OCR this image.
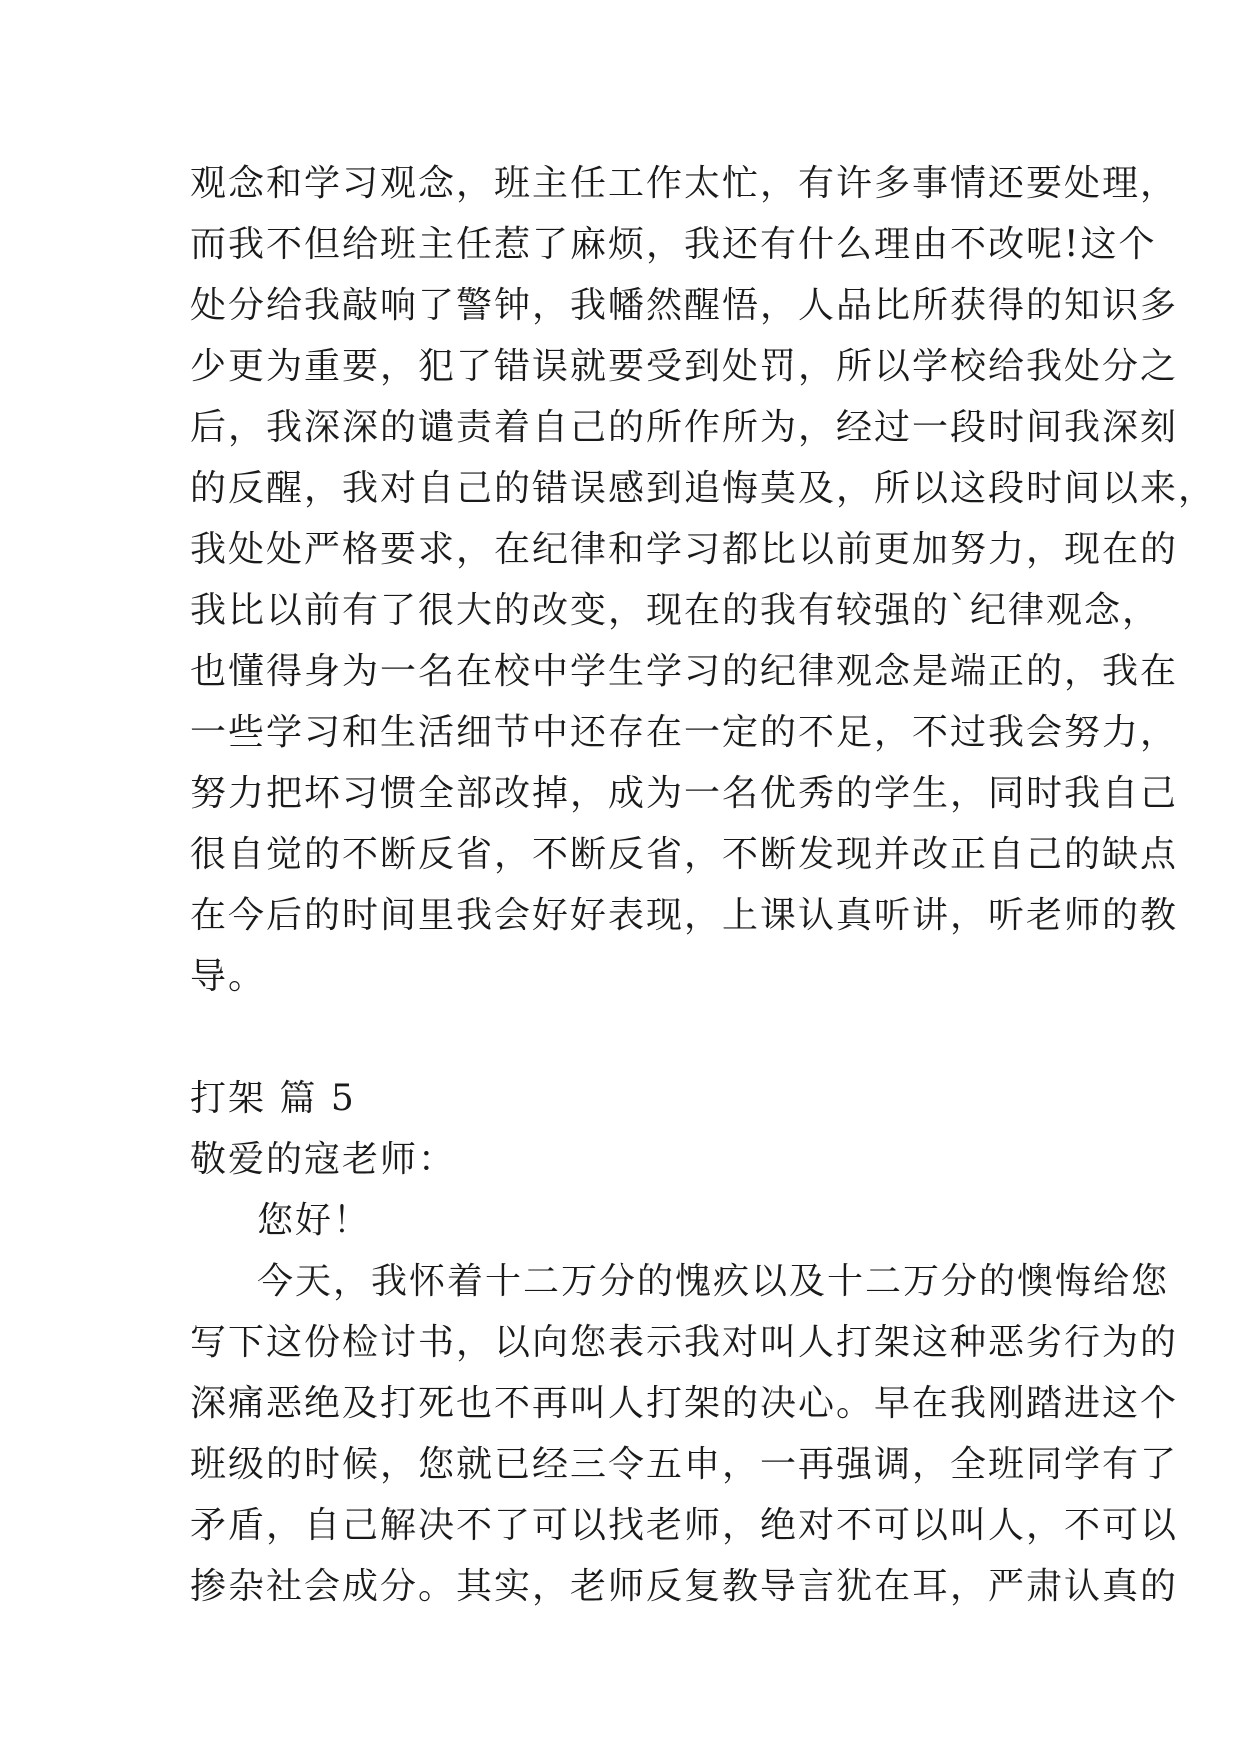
观念和学习观念，班主任工作太忙，有许多事情还要处理，
而我不但给班主任惹了麻烦，我还有什么理由不改呢!这个
处分给我敲响了警钟，我幡然醒悟，人品比所获得的知识多
少更为重要，犯了错误就要受到处罚，所以学校给我处分之
后，我深深的谴责着自己的所作所为，经过一段时间我深刻
的反醒，我对自己的错误感到追悔莫及，所以这段时间以来，
我处处严格要求，在纪律和学习都比以前更加努力，现在的
我比以前有了很大的改变，现在的我有较强的`纪律观念，
也懂得身为一名在校中学生学习的纪律观念是端正的，我在
一些学习和生活细节中还存在一定的不足，不过我会努力，
努力把坏习惯全部改掉，成为一名优秀的学生，同时我自己
很自觉的不断反省，不断反省，不断发现并改正自己的缺点
在今后的时间里我会好好表现，上课认真听讲，听老师的教
导。
打架 篇 5
敬爱的寇老师：
您好！
今天，我怀着十二万分的愧疚以及十二万分的懊悔给您
写下这份检讨书，以向您表示我对叫人打架这种恶劣行为的
深痛恶绝及打死也不再叫人打架的决心。早在我刚踏进这个
班级的时候，您就已经三令五申，一再强调，全班同学有了
矛盾，自己解决不了可以找老师，绝对不可以叫人，不可以
掺杂社会成分。其实，老师反复教导言犹在耳，严肃认真的
